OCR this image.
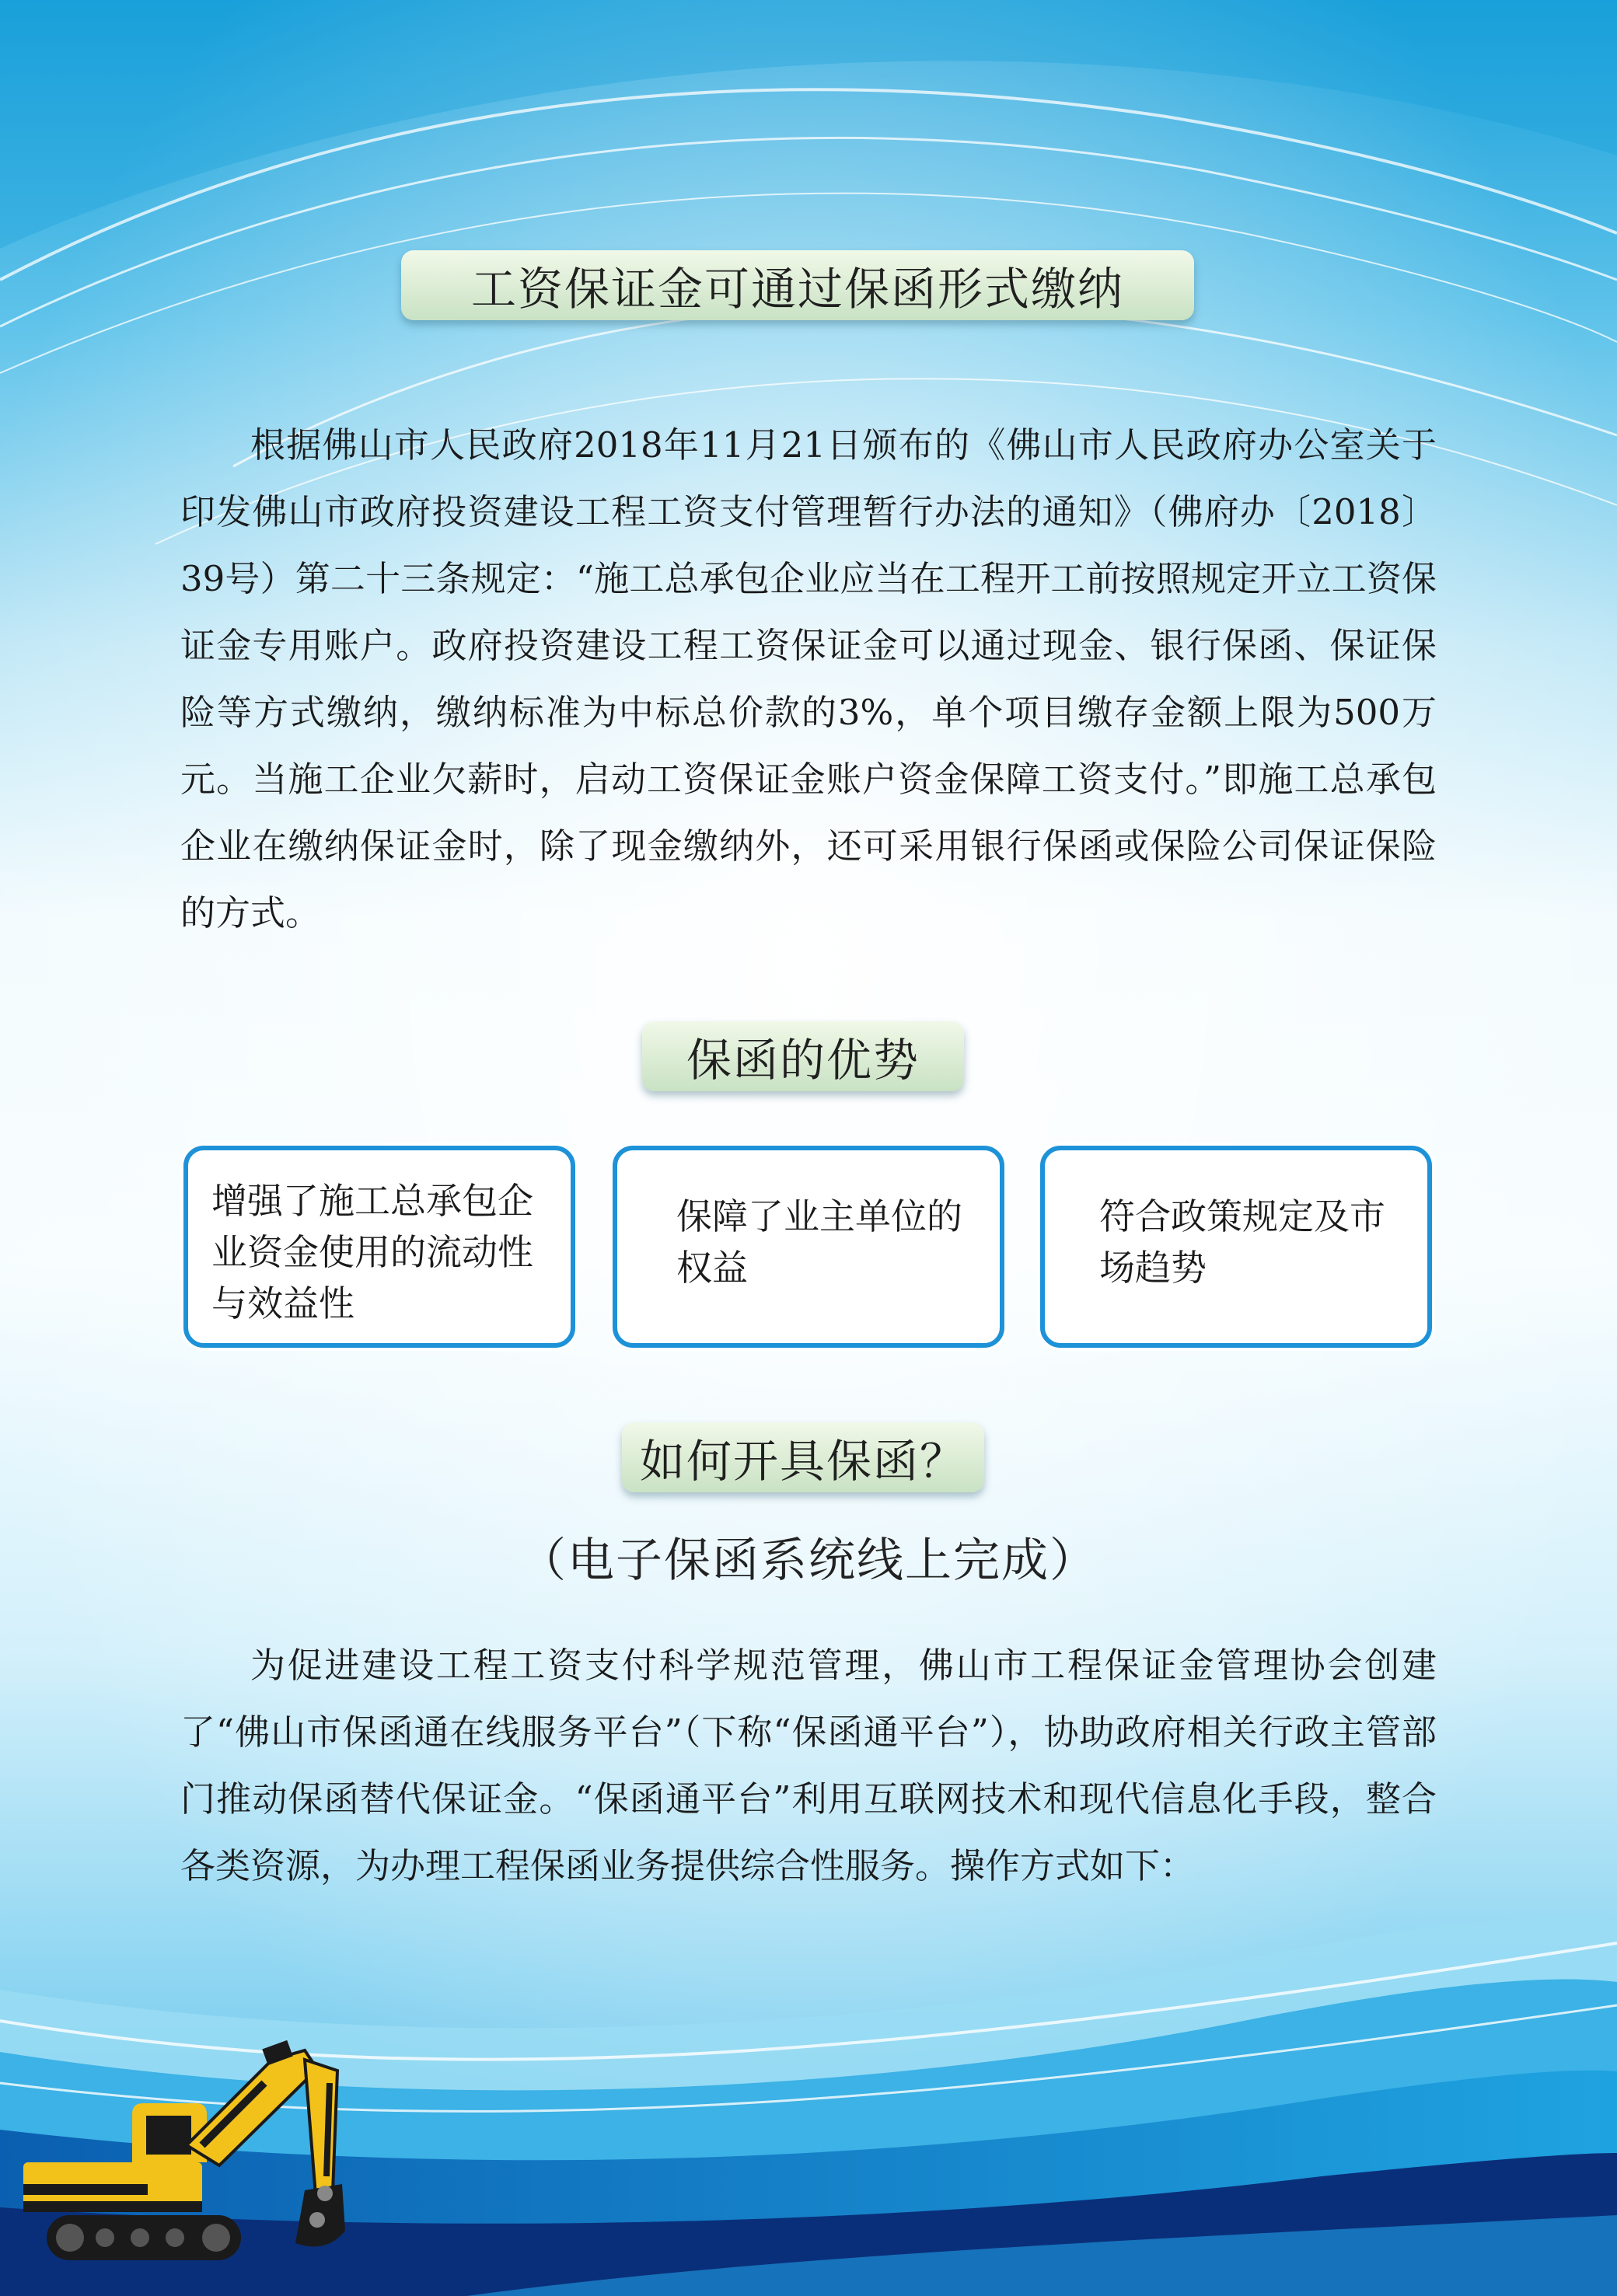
工资保证金可通过保函形式缴纳

根据佛山市人民政府2018年11月21日颁布的《佛山市人民政府办公室关于印发佛山市政府投资建设工程工资支付管理暂行办法的通知》（佛府办〔2018〕39号）第二十三条规定：“施工总承包企业应当在工程开工前按照规定开立工资保证金专用账户。政府投资建设工程工资保证金可以通过现金、银行保函、保证保险等方式缴纳，缴纳标准为中标总价款的3%，单个项目缴存金额上限为500万元。当施工企业欠薪时，启动工资保证金账户资金保障工资支付。”即施工总承包企业在缴纳保证金时，除了现金缴纳外，还可采用银行保函或保险公司保证保险的方式。

保函的优势
增强了施工总承包企业资金使用的流动性与效益性
保障了业主单位的权益
符合政策规定及市场趋势
如何开具保函？
（电子保函系统线上完成）

为促进建设工程工资支付科学规范管理，佛山市工程保证金管理协会创建了“佛山市保函通在线服务平台”（下称“保函通平台”），协助政府相关行政主管部门推动保函替代保证金。“保函通平台”利用互联网技术和现代信息化手段，整合各类资源，为办理工程保函业务提供综合性服务。操作方式如下：
